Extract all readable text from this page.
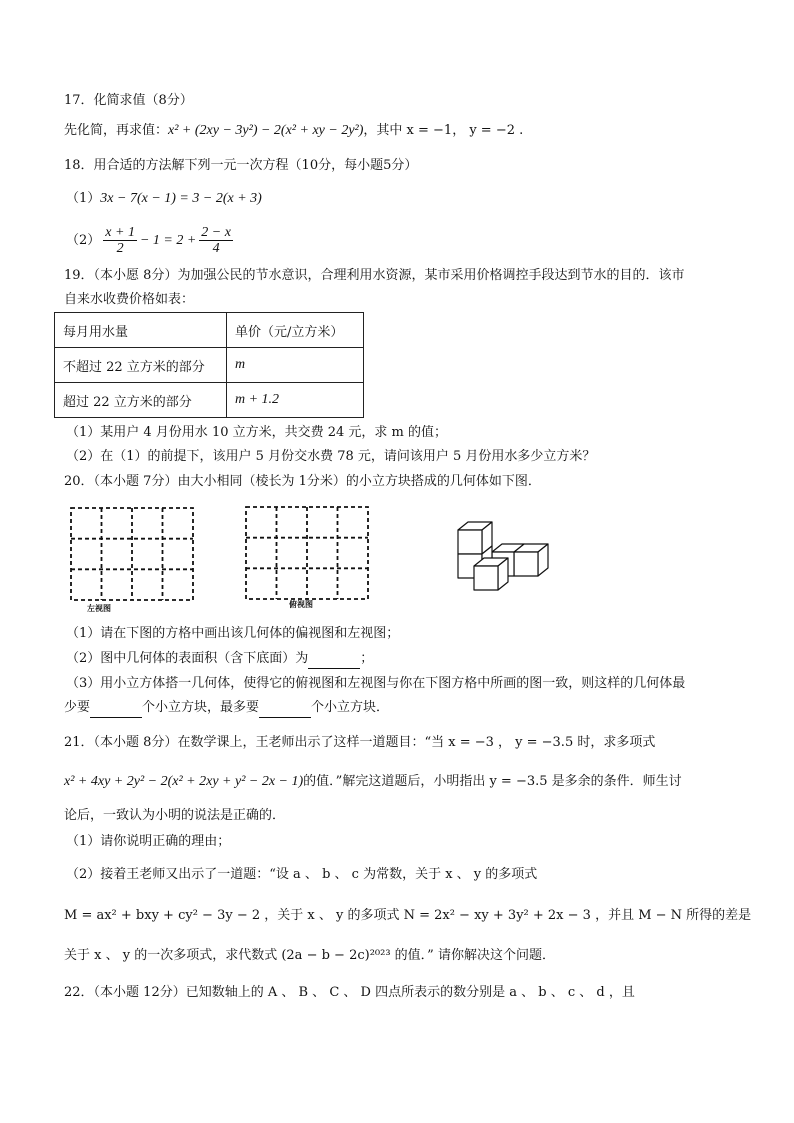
17．化简求值（8分）
先化简，再求值：x² + (2xy − 3y²) − 2(x² + xy − 2y²)，其中 x = −1， y = −2 .
18．用合适的方法解下列一元一次方程（10分，每小题5分）
（1）3x − 7(x − 1) = 3 − 2(x + 3)
$(2) \frac{x + 1}{2} - 1 = 2 + \frac{2 - x}{4}$
19．（本小愿 8分）为加强公民的节水意识，合理利用水资源，某市采用价格调控手段达到节水的目的．该市
自来水收费价格如表：
每月用水量	单价（元/立方米）
不超过 22 立方米的部分	m
超过 22 立方米的部分	m + 1.2
（1）某用户 4 月份用水 10 立方米，共交费 24 元，求 m 的值；
（2）在（1）的前提下，该用户 5 月份交水费 78 元，请问该用户 5 月份用水多少立方米？
20．（本小题 7分）由大小相同（棱长为 1分米）的小立方块搭成的几何体如下图．
左视图	俯视图
（1）请在下图的方格中画出该几何体的偏视图和左视图；
（2）图中几何体的表面积（含下底面）为	；
（3）用小立方体搭一几何体，使得它的俯视图和左视图与你在下图方格中所画的图一致，则这样的几何体最
少要	个小立方块，最多要	个小立方块．
21．（本小题 8分）在数学课上，王老师出示了这样一道题目：“当 x = −3 ， y = −3.5 时，求多项式
x² + 4xy + 2y² − 2(x² + 2xy + y² − 2x − 1)的值．”解完这道题后，小明指出 y = −3.5 是多余的条件．师生讨
论后，一致认为小明的说法是正确的．
（1）请你说明正确的理由；
（2）接着王老师又出示了一道题：“设 a 、 b 、 c 为常数，关于 x 、 y 的多项式
M = ax² + bxy + cy² − 3y − 2 ，关于 x 、 y 的多项式 N = 2x² − xy + 3y² + 2x − 3 ，并且 M − N 所得的差是
关于 x 、 y 的一次多项式，求代数式 (2a − b − 2c)²⁰²³ 的值．” 请你解决这个问题．
22．（本小题 12分）已知数轴上的 A 、 B 、 C 、 D 四点所表示的数分别是 a 、 b 、 c 、 d ，且
